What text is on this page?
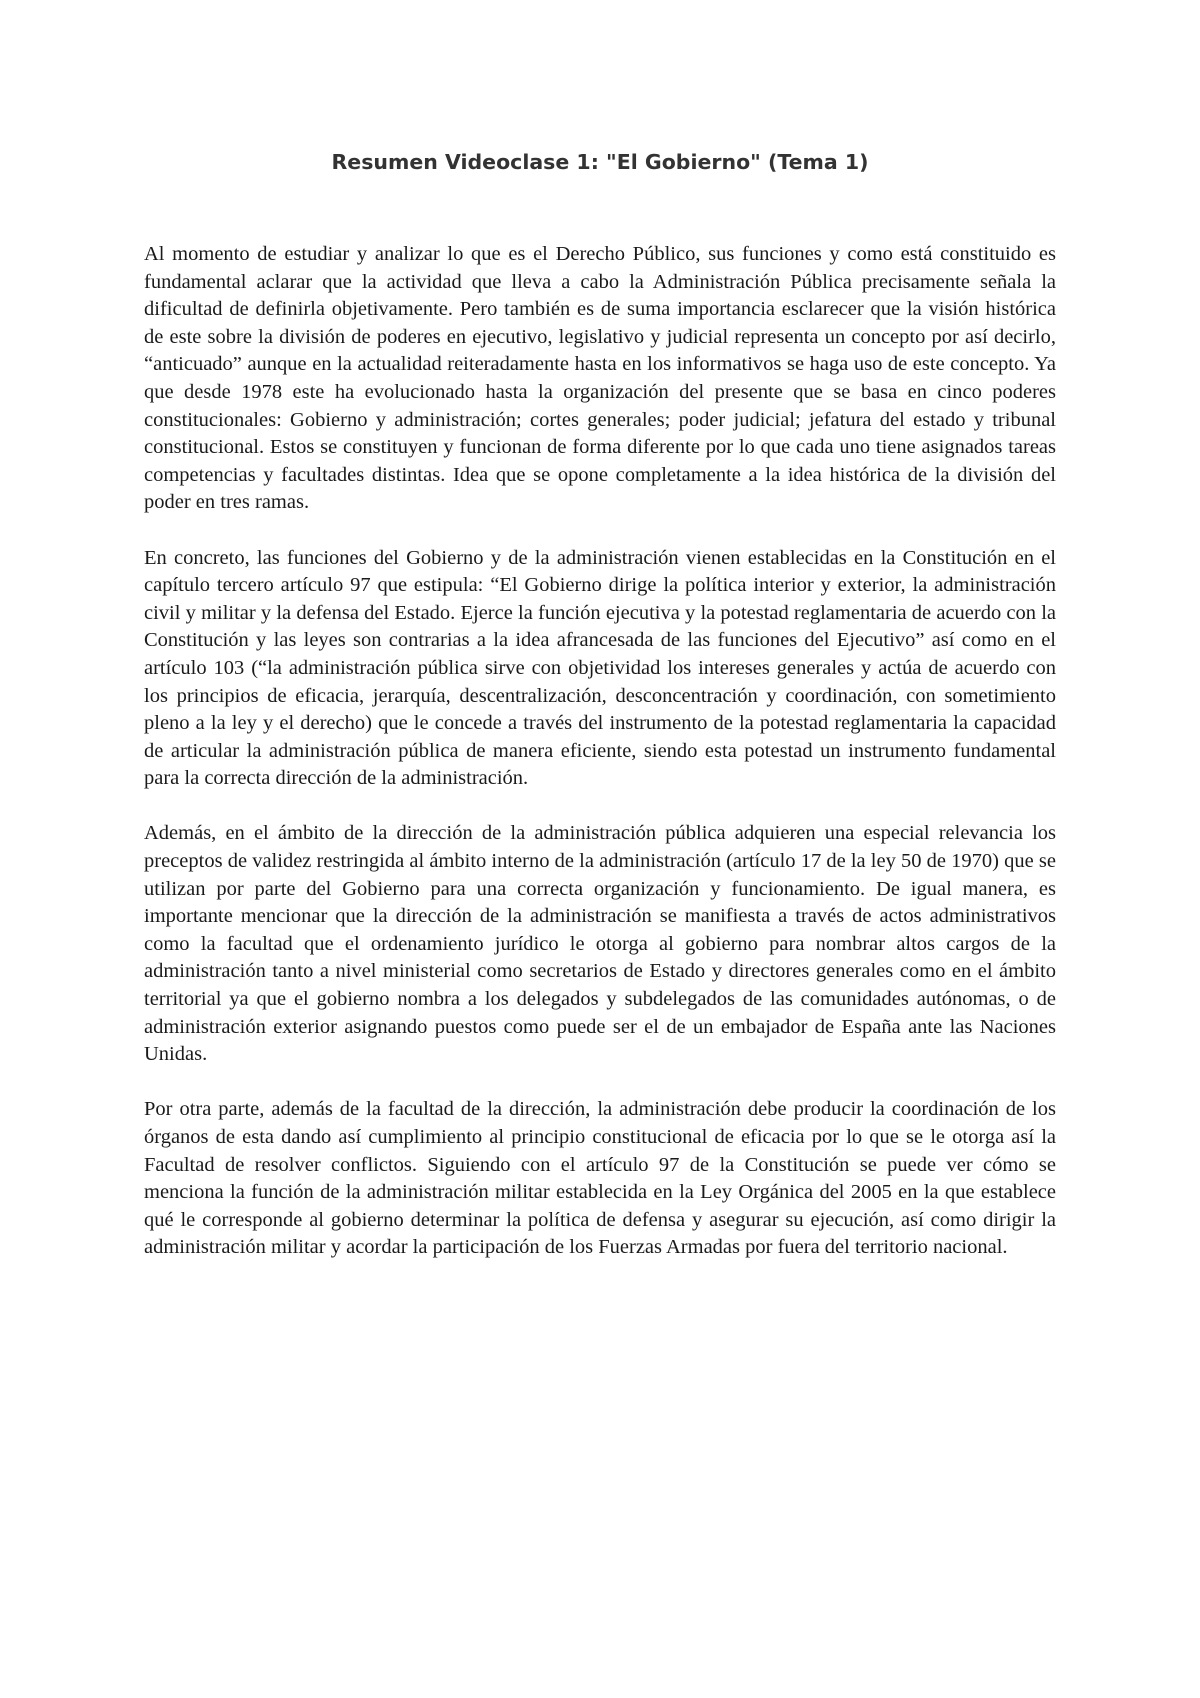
Resumen Videoclase 1: "El Gobierno" (Tema 1)

Al momento de estudiar y analizar lo que es el Derecho Público, sus funciones y como está constituido es fundamental aclarar que la actividad que lleva a cabo la Administración Pública precisamente señala la dificultad de definirla objetivamente. Pero también es de suma importancia esclarecer que la visión histórica de este sobre la división de poderes en ejecutivo, legislativo y judicial representa un concepto por así decirlo, “anticuado” aunque en la actualidad reiteradamente hasta en los informativos se haga uso de este concepto. Ya que desde 1978 este ha evolucionado hasta la organización del presente que se basa en cinco poderes constitucionales: Gobierno y administración; cortes generales; poder judicial; jefatura del estado y tribunal constitucional. Estos se constituyen y funcionan de forma diferente por lo que cada uno tiene asignados tareas competencias y facultades distintas. Idea que se opone completamente a la idea histórica de la división del poder en tres ramas.

En concreto, las funciones del Gobierno y de la administración vienen establecidas en la Constitución en el capítulo tercero artículo 97 que estipula: “El Gobierno dirige la política interior y exterior, la administración civil y militar y la defensa del Estado. Ejerce la función ejecutiva y la potestad reglamentaria de acuerdo con la Constitución y las leyes son contrarias a la idea afrancesada de las funciones del Ejecutivo” así como en el artículo 103 (“la administración pública sirve con objetividad los intereses generales y actúa de acuerdo con los principios de eficacia, jerarquía, descentralización, desconcentración y coordinación, con sometimiento pleno a la ley y el derecho) que le concede a través del instrumento de la potestad reglamentaria la capacidad de articular la administración pública de manera eficiente, siendo esta potestad un instrumento fundamental para la correcta dirección de la administración.

Además, en el ámbito de la dirección de la administración pública adquieren una especial relevancia los preceptos de validez restringida al ámbito interno de la administración (artículo 17 de la ley 50 de 1970) que se utilizan por parte del Gobierno para una correcta organización y funcionamiento. De igual manera, es importante mencionar que la dirección de la administración se manifiesta a través de actos administrativos como la facultad que el ordenamiento jurídico le otorga al gobierno para nombrar altos cargos de la administración tanto a nivel ministerial como secretarios de Estado y directores generales como en el ámbito territorial ya que el gobierno nombra a los delegados y subdelegados de las comunidades autónomas, o de administración exterior asignando puestos como puede ser el de un embajador de España ante las Naciones Unidas.

Por otra parte, además de la facultad de la dirección, la administración debe producir la coordinación de los órganos de esta dando así cumplimiento al principio constitucional de eficacia por lo que se le otorga así la Facultad de resolver conflictos. Siguiendo con el artículo 97 de la Constitución se puede ver cómo se menciona la función de la administración militar establecida en la Ley Orgánica del 2005 en la que establece qué le corresponde al gobierno determinar la política de defensa y asegurar su ejecución, así como dirigir la administración militar y acordar la participación de los Fuerzas Armadas por fuera del territorio nacional.
